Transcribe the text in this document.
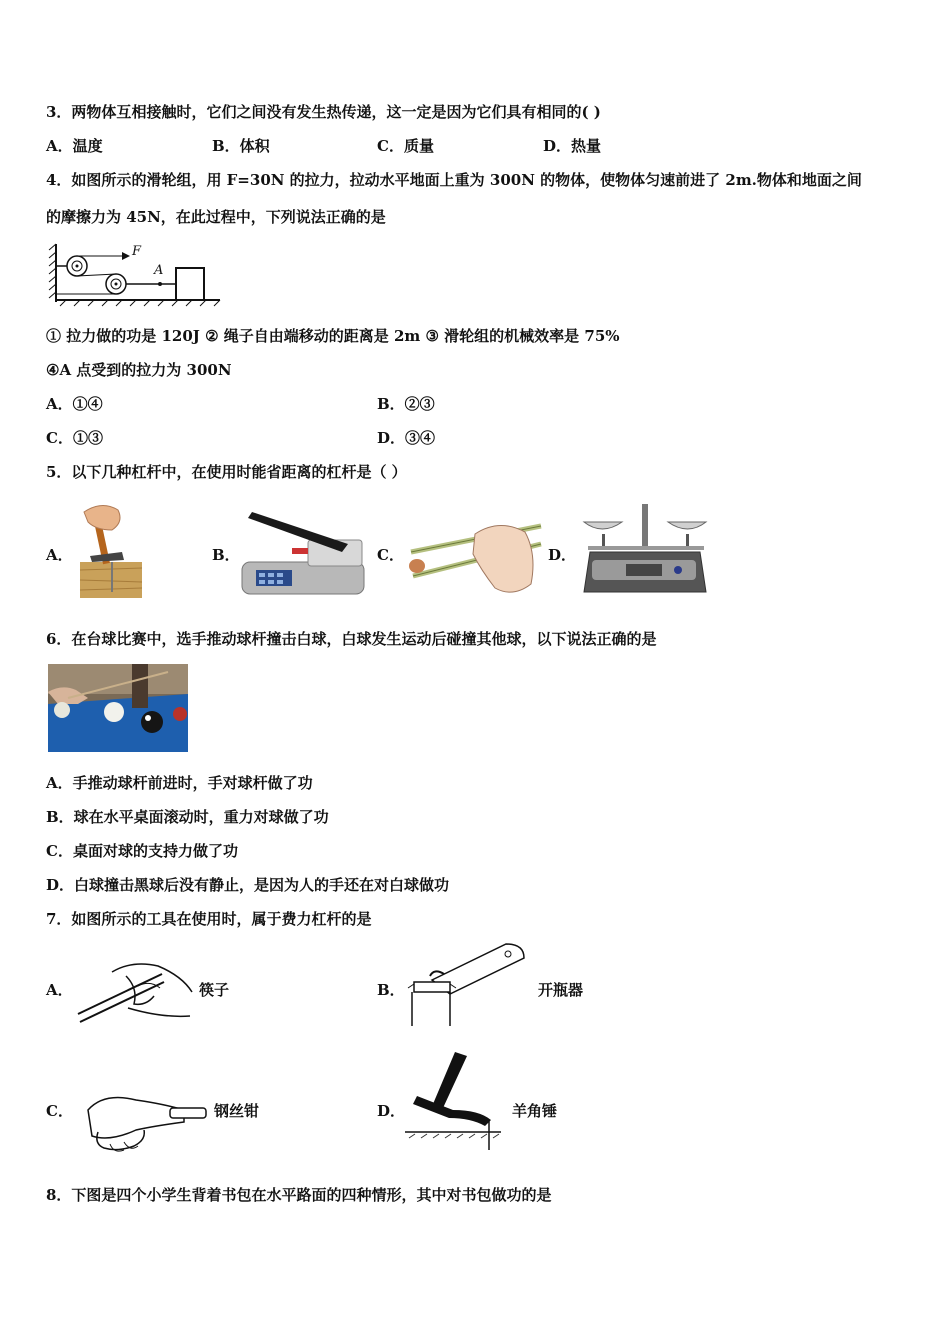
3．两物体互相接触时，它们之间没有发生热传递，这一定是因为它们具有相同的( )
A．温度	B．体积	C．质量	D．热量
4．如图所示的滑轮组，用 F=30N 的拉力，拉动水平地面上重为 300N 的物体，使物体匀速前进了 2m.物体和地面之间
的摩擦力为 45N，在此过程中，下列说法正确的是
F
A
① 拉力做的功是 120J ② 绳子自由端移动的距离是 2m ③ 滑轮组的机械效率是 75%
④A 点受到的拉力为 300N
A．①④	B．②③
C．①③	D．③④
5．以下几种杠杆中，在使用时能省距离的杠杆是（ ）
A．	B．	C．	D．
6．在台球比赛中，选手推动球杆撞击白球，白球发生运动后碰撞其他球，以下说法正确的是
A．手推动球杆前进时，手对球杆做了功
B．球在水平桌面滚动时，重力对球做了功
C．桌面对球的支持力做了功
D．白球撞击黑球后没有静止，是因为人的手还在对白球做功
7．如图所示的工具在使用时，属于费力杠杆的是
A．	筷子	B．	开瓶器
C．	钢丝钳	D．	羊角锤
8．下图是四个小学生背着书包在水平路面的四种情形，其中对书包做功的是
